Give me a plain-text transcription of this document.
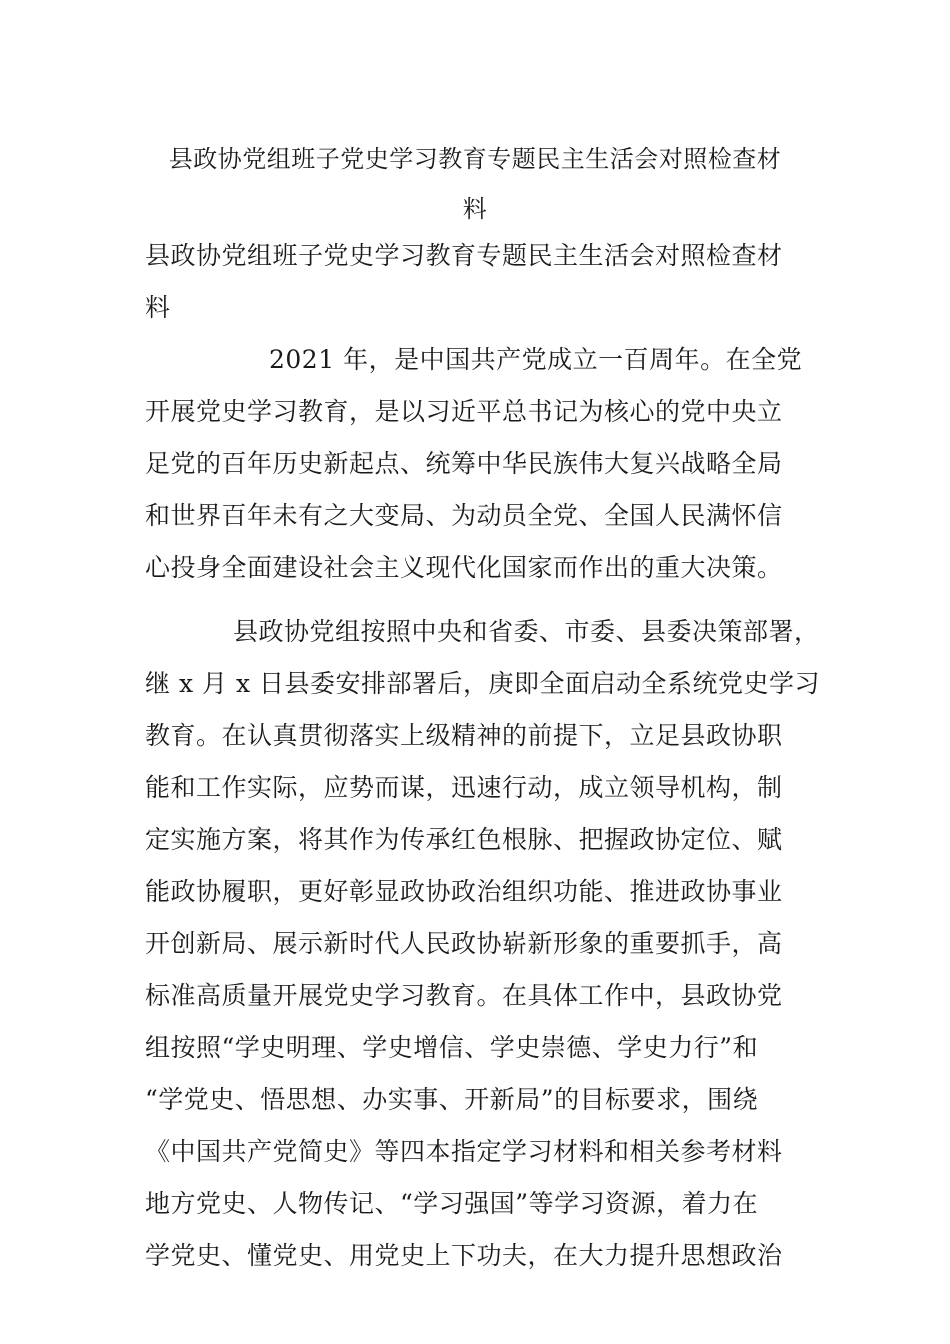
县政协党组班子党史学习教育专题民主生活会对照检查材
料
县政协党组班子党史学习教育专题民主生活会对照检查材
料
2021 年，是中国共产党成立一百周年。在全党
开展党史学习教育，是以习近平总书记为核心的党中央立
足党的百年历史新起点、统筹中华民族伟大复兴战略全局
和世界百年未有之大变局、为动员全党、全国人民满怀信
心投身全面建设社会主义现代化国家而作出的重大决策。
县政协党组按照中央和省委、市委、县委决策部署，
继 x 月 x 日县委安排部署后，庚即全面启动全系统党史学习
教育。在认真贯彻落实上级精神的前提下，立足县政协职
能和工作实际，应势而谋，迅速行动，成立领导机构，制
定实施方案，将其作为传承红色根脉、把握政协定位、赋
能政协履职，更好彰显政协政治组织功能、推进政协事业
开创新局、展示新时代人民政协崭新形象的重要抓手，高
标准高质量开展党史学习教育。在具体工作中，县政协党
组按照“学史明理、学史增信、学史崇德、学史力行”和
“学党史、悟思想、办实事、开新局”的目标要求，围绕
《中国共产党简史》等四本指定学习材料和相关参考材料
地方党史、人物传记、“学习强国”等学习资源，着力在
学党史、懂党史、用党史上下功夫，在大力提升思想政治
